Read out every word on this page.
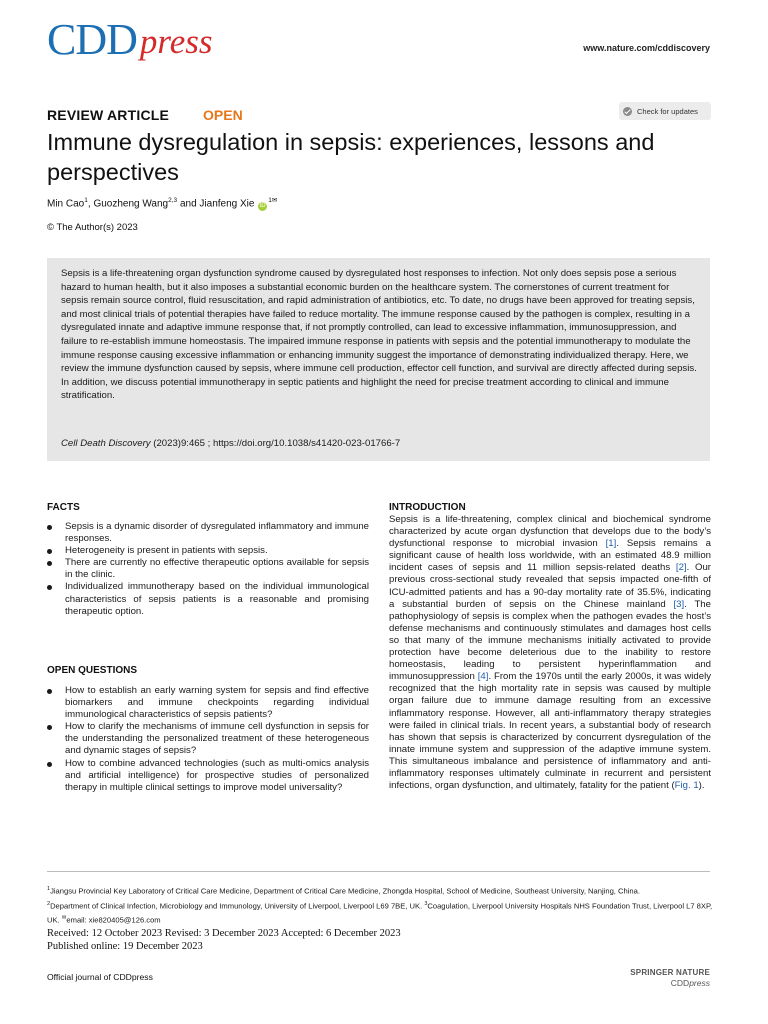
CDD press	www.nature.com/cddiscovery
REVIEW ARTICLE OPEN	Check for updates
Immune dysregulation in sepsis: experiences, lessons and perspectives
Min Cao$^1$, Guozheng Wang$^{2,3}$ and Jianfeng Xie $iD^{1✉}$
© The Author(s) 2023
Sepsis is a life-threatening organ dysfunction syndrome caused by dysregulated host responses to infection. Not only does sepsis pose a serious hazard to human health, but it also imposes a substantial economic burden on the healthcare system. The cornerstones of current treatment for sepsis remain source control, fluid resuscitation, and rapid administration of antibiotics, etc. To date, no drugs have been approved for treating sepsis, and most clinical trials of potential therapies have failed to reduce mortality. The immune response caused by the pathogen is complex, resulting in a dysregulated innate and adaptive immune response that, if not promptly controlled, can lead to excessive inflammation, immunosuppression, and failure to re-establish immune homeostasis. The impaired immune response in patients with sepsis and the potential immunotherapy to modulate the immune response causing excessive inflammation or enhancing immunity suggest the importance of demonstrating individualized therapy. Here, we review the immune dysfunction caused by sepsis, where immune cell production, effector cell function, and survival are directly affected during sepsis. In addition, we discuss potential immunotherapy in septic patients and highlight the need for precise treatment according to clinical and immune stratification.
Cell Death Discovery (2023)9:465 ; https://doi.org/10.1038/s41420-023-01766-7
FACTS
Sepsis is a dynamic disorder of dysregulated inflammatory and immune responses.
Heterogeneity is present in patients with sepsis.
There are currently no effective therapeutic options available for sepsis in the clinic.
Individualized immunotherapy based on the individual immunological characteristics of sepsis patients is a reasonable and promising therapeutic option.
OPEN QUESTIONS
How to establish an early warning system for sepsis and find effective biomarkers and immune checkpoints regarding individual immunological characteristics of sepsis patients?
How to clarify the mechanisms of immune cell dysfunction in sepsis for the understanding the personalized treatment of these heterogeneous and dynamic stages of sepsis?
How to combine advanced technologies (such as multi-omics analysis and artificial intelligence) for prospective studies of personalized therapy in multiple clinical settings to improve model universality?
INTRODUCTION
Sepsis is a life-threatening, complex clinical and biochemical syndrome characterized by acute organ dysfunction that develops due to the body’s dysfunctional response to microbial invasion [1]. Sepsis remains a significant cause of health loss worldwide, with an estimated 48.9 million incident cases of sepsis and 11 million sepsis-related deaths [2]. Our previous cross-sectional study revealed that sepsis impacted one-fifth of ICU-admitted patients and has a 90-day mortality rate of 35.5%, indicating a substantial burden of sepsis on the Chinese mainland [3]. The pathophysiology of sepsis is complex when the pathogen evades the host’s defense mechanisms and continuously stimulates and damages host cells so that many of the immune mechanisms initially activated to provide protection have become deleterious due to the inability to restore homeostasis, leading to persistent hyperinflammation and immunosuppression [4]. From the 1970s until the early 2000s, it was widely recognized that the high mortality rate in sepsis was caused by multiple organ failure due to immune damage resulting from an excessive inflammatory response. However, all anti-inflammatory therapy strategies were failed in clinical trials. In recent years, a substantial body of research has shown that sepsis is characterized by concurrent dysregulation of the innate immune system and suppression of the adaptive immune system. This simultaneous imbalance and persistence of inflammatory and anti-inflammatory responses ultimately culminate in recurrent and persistent infections, organ dysfunction, and ultimately, fatality for the patient (Fig. 1).
$^1$Jiangsu Provincial Key Laboratory of Critical Care Medicine, Department of Critical Care Medicine, Zhongda Hospital, School of Medicine, Southeast University, Nanjing, China.
$^2$Department of Clinical Infection, Microbiology and Immunology, University of Liverpool, Liverpool L69 7BE, UK. $^3$Coagulation, Liverpool University Hospitals NHS Foundation Trust, Liverpool L7 8XP, UK. ✉email: xie820405@126.com
Received: 12 October 2023 Revised: 3 December 2023 Accepted: 6 December 2023
Published online: 19 December 2023
Official journal of CDDpress	SPRINGER NATURE
CDDpress
